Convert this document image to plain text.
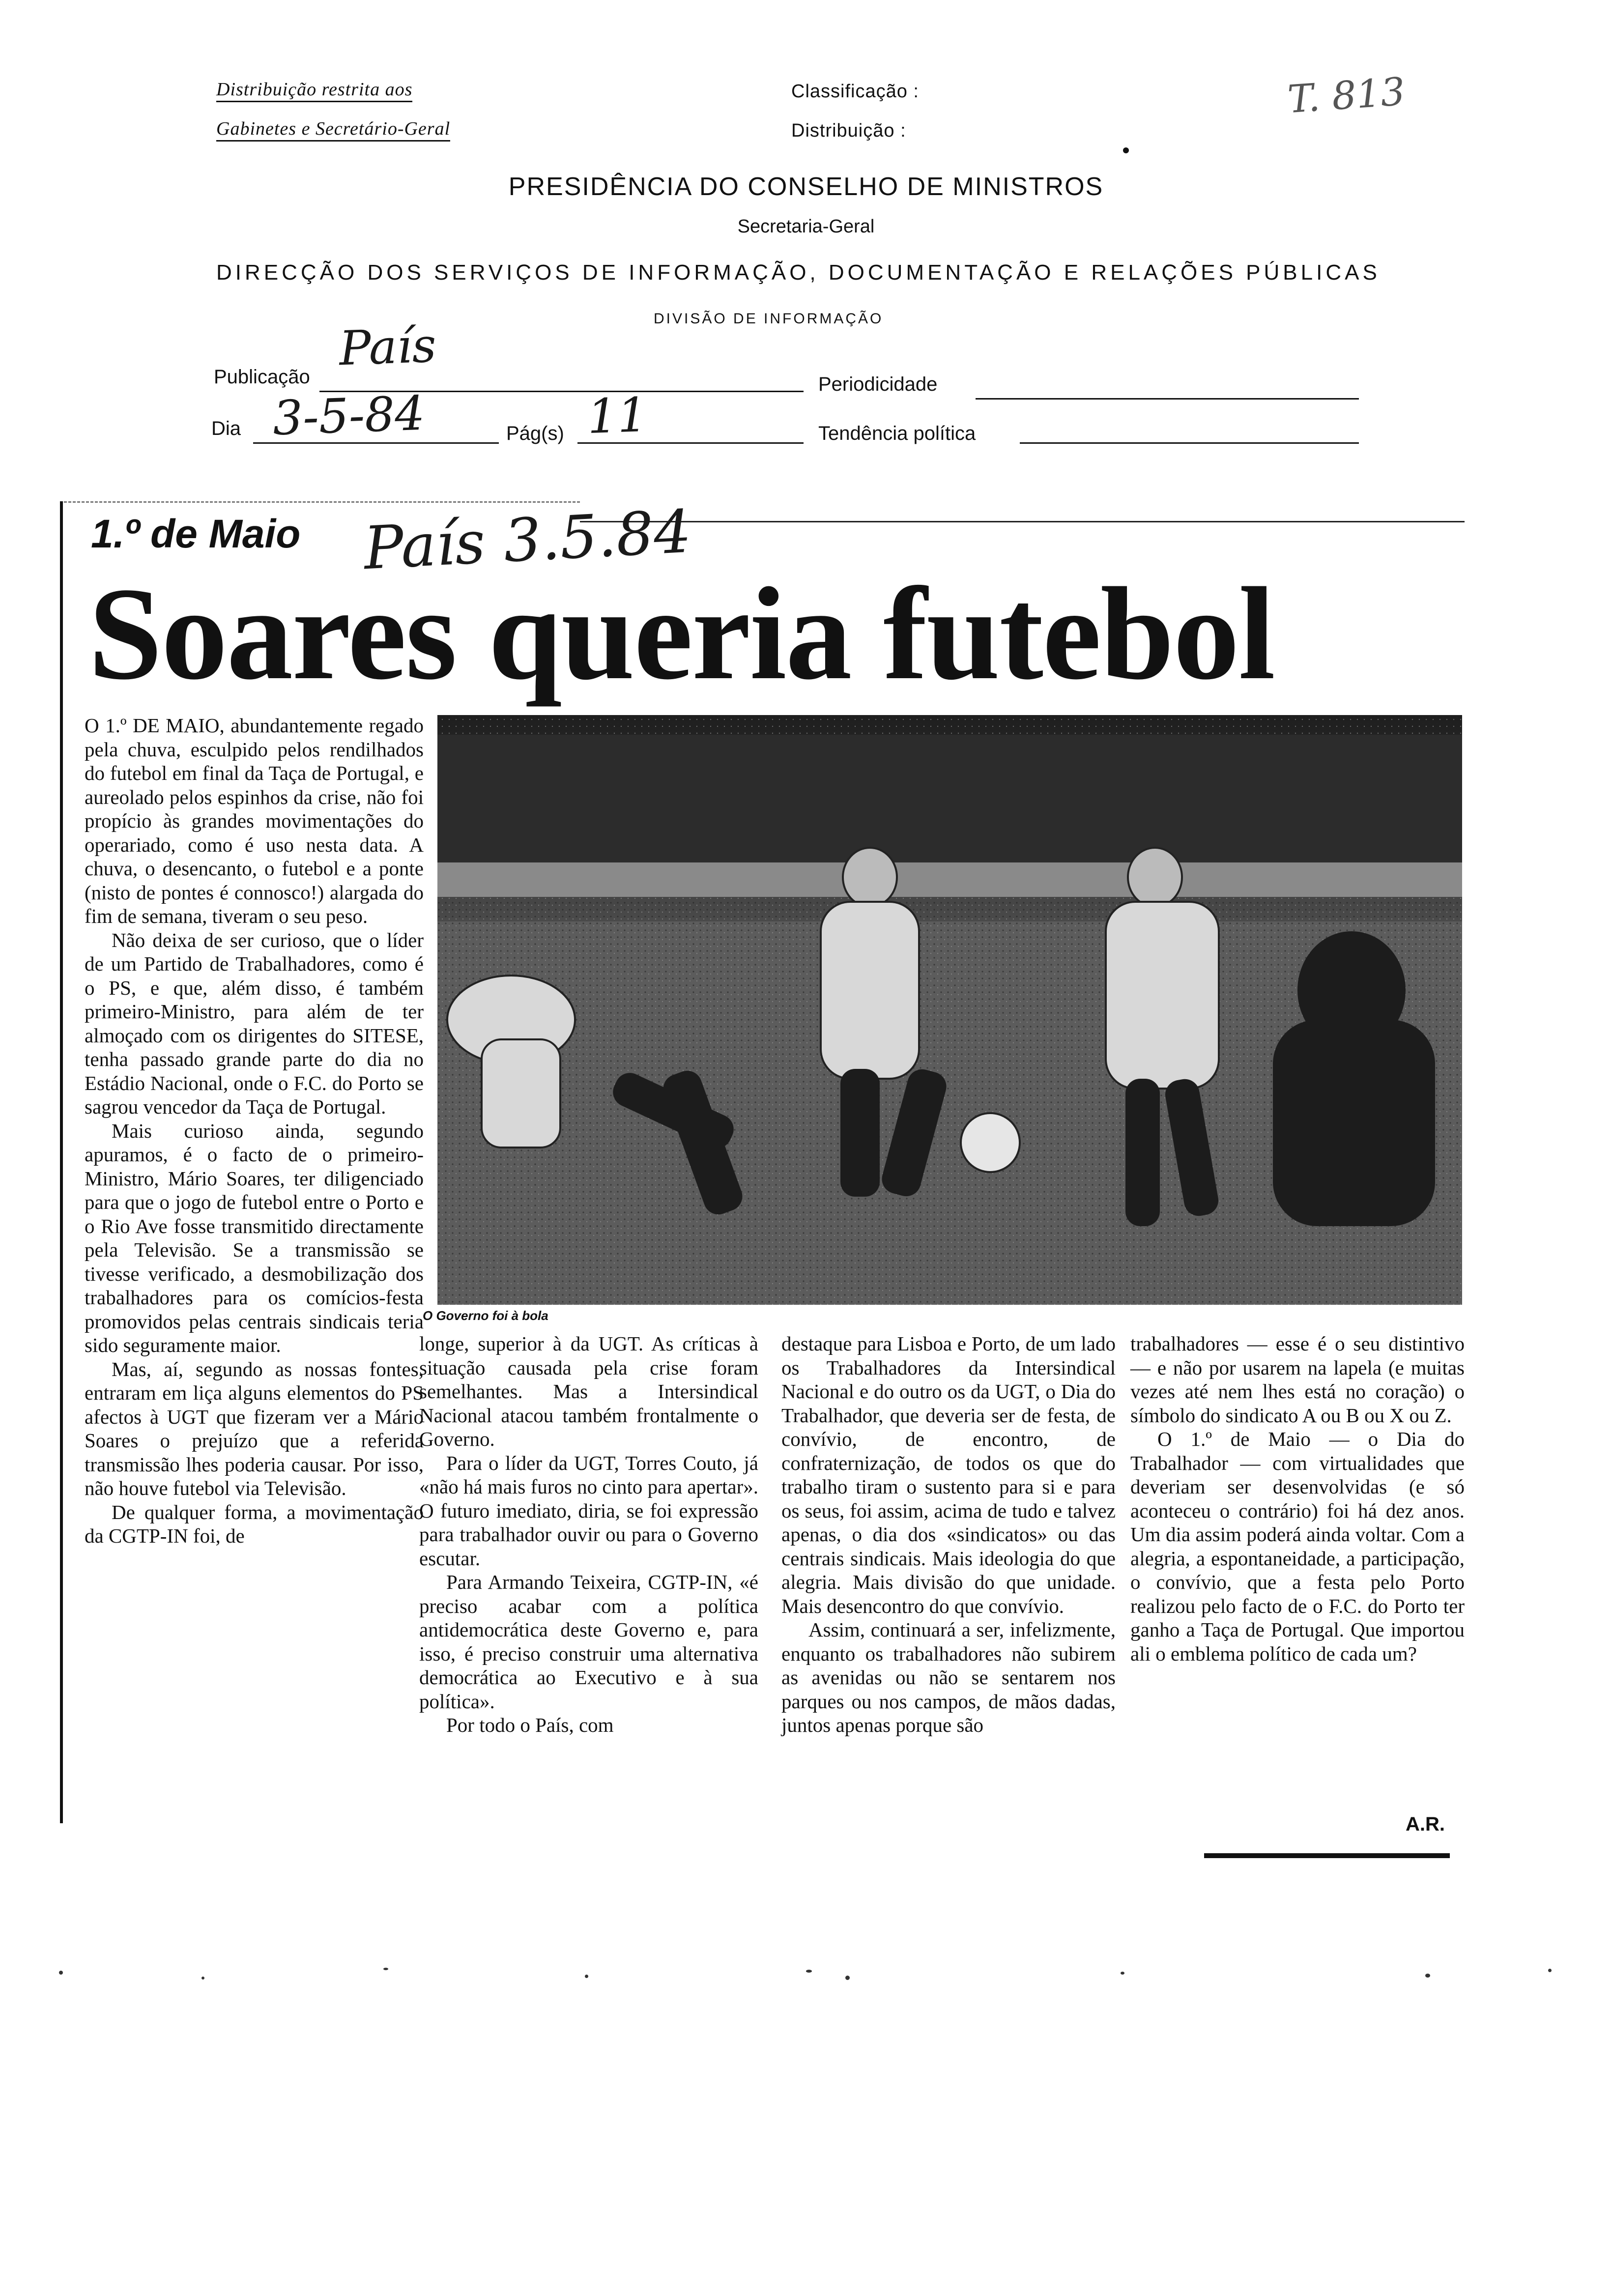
Distribuição restrita aos
Gabinetes e Secretário-Geral
Classificação :
Distribuição :
T. 813
PRESIDÊNCIA DO CONSELHO DE MINISTROS
Secretaria-Geral
DIRECÇÃO DOS SERVIÇOS DE INFORMAÇÃO, DOCUMENTAÇÃO E RELAÇÕES PÚBLICAS
DIVISÃO DE INFORMAÇÃO
Publicação
País
Periodicidade
Dia 3-5-84	Pág(s) 11	Tendência política
1.º de Maio País 3.5.84
Soares queria futebol
O Governo foi à bola

O 1.º DE MAIO, abundantemente regado pela chuva, esculpido pelos rendilhados do futebol em final da Taça de Portugal, e aureolado pelos espinhos da crise, não foi propício às grandes movimentações do operariado, como é uso nesta data. A chuva, o desencanto, o futebol e a ponte (nisto de pontes é connosco!) alargada do fim de semana, tiveram o seu peso.

Não deixa de ser curioso, que o líder de um Partido de Trabalhadores, como é o PS, e que, além disso, é também primeiro-Ministro, para além de ter almoçado com os dirigentes do SITESE, tenha passado grande parte do dia no Estádio Nacional, onde o F.C. do Porto se sagrou vencedor da Taça de Portugal.

Mais curioso ainda, segundo apuramos, é o facto de o primeiro-Ministro, Mário Soares, ter diligenciado para que o jogo de futebol entre o Porto e o Rio Ave fosse transmitido directamente pela Televisão. Se a transmissão se tivesse verificado, a desmobilização dos trabalhadores para os comícios-festa promovidos pelas centrais sindicais teria sido seguramente maior.

Mas, aí, segundo as nossas fontes, entraram em liça alguns elementos do PS afectos à UGT que fizeram ver a Mário Soares o prejuízo que a referida transmissão lhes poderia causar. Por isso, não houve futebol via Televisão.

De qualquer forma, a movimentação da CGTP-IN foi, de

longe, superior à da UGT. As críticas à situação causada pela crise foram semelhantes. Mas a Intersindical Nacional atacou também frontalmente o Governo.

Para o líder da UGT, Torres Couto, já «não há mais furos no cinto para apertar». O futuro imediato, diria, se foi expressão para trabalhador ouvir ou para o Governo escutar.

Para Armando Teixeira, CGTP-IN, «é preciso acabar com a política antidemocrática deste Governo e, para isso, é preciso construir uma alternativa democrática ao Executivo e à sua política».

Por todo o País, com

destaque para Lisboa e Porto, de um lado os Trabalhadores da Intersindical Nacional e do outro os da UGT, o Dia do Trabalhador, que deveria ser de festa, de convívio, de encontro, de confraternização, de todos os que do trabalho tiram o sustento para si e para os seus, foi assim, acima de tudo e talvez apenas, o dia dos «sindicatos» ou das centrais sindicais. Mais ideologia do que alegria. Mais divisão do que unidade. Mais desencontro do que convívio.

Assim, continuará a ser, infelizmente, enquanto os trabalhadores não subirem as avenidas ou não se sentarem nos parques ou nos campos, de mãos dadas, juntos apenas porque são

trabalhadores — esse é o seu distintivo — e não por usarem na lapela (e muitas vezes até nem lhes está no coração) o símbolo do sindicato A ou B ou X ou Z.

O 1.º de Maio — o Dia do Trabalhador — com virtualidades que deveriam ser desenvolvidas (e só aconteceu o contrário) foi há dez anos. Um dia assim poderá ainda voltar. Com a alegria, a espontaneidade, a participação, o convívio, que a festa pelo Porto realizou pelo facto de o F.C. do Porto ter ganho a Taça de Portugal. Que importou ali o emblema político de cada um?

A.R.
